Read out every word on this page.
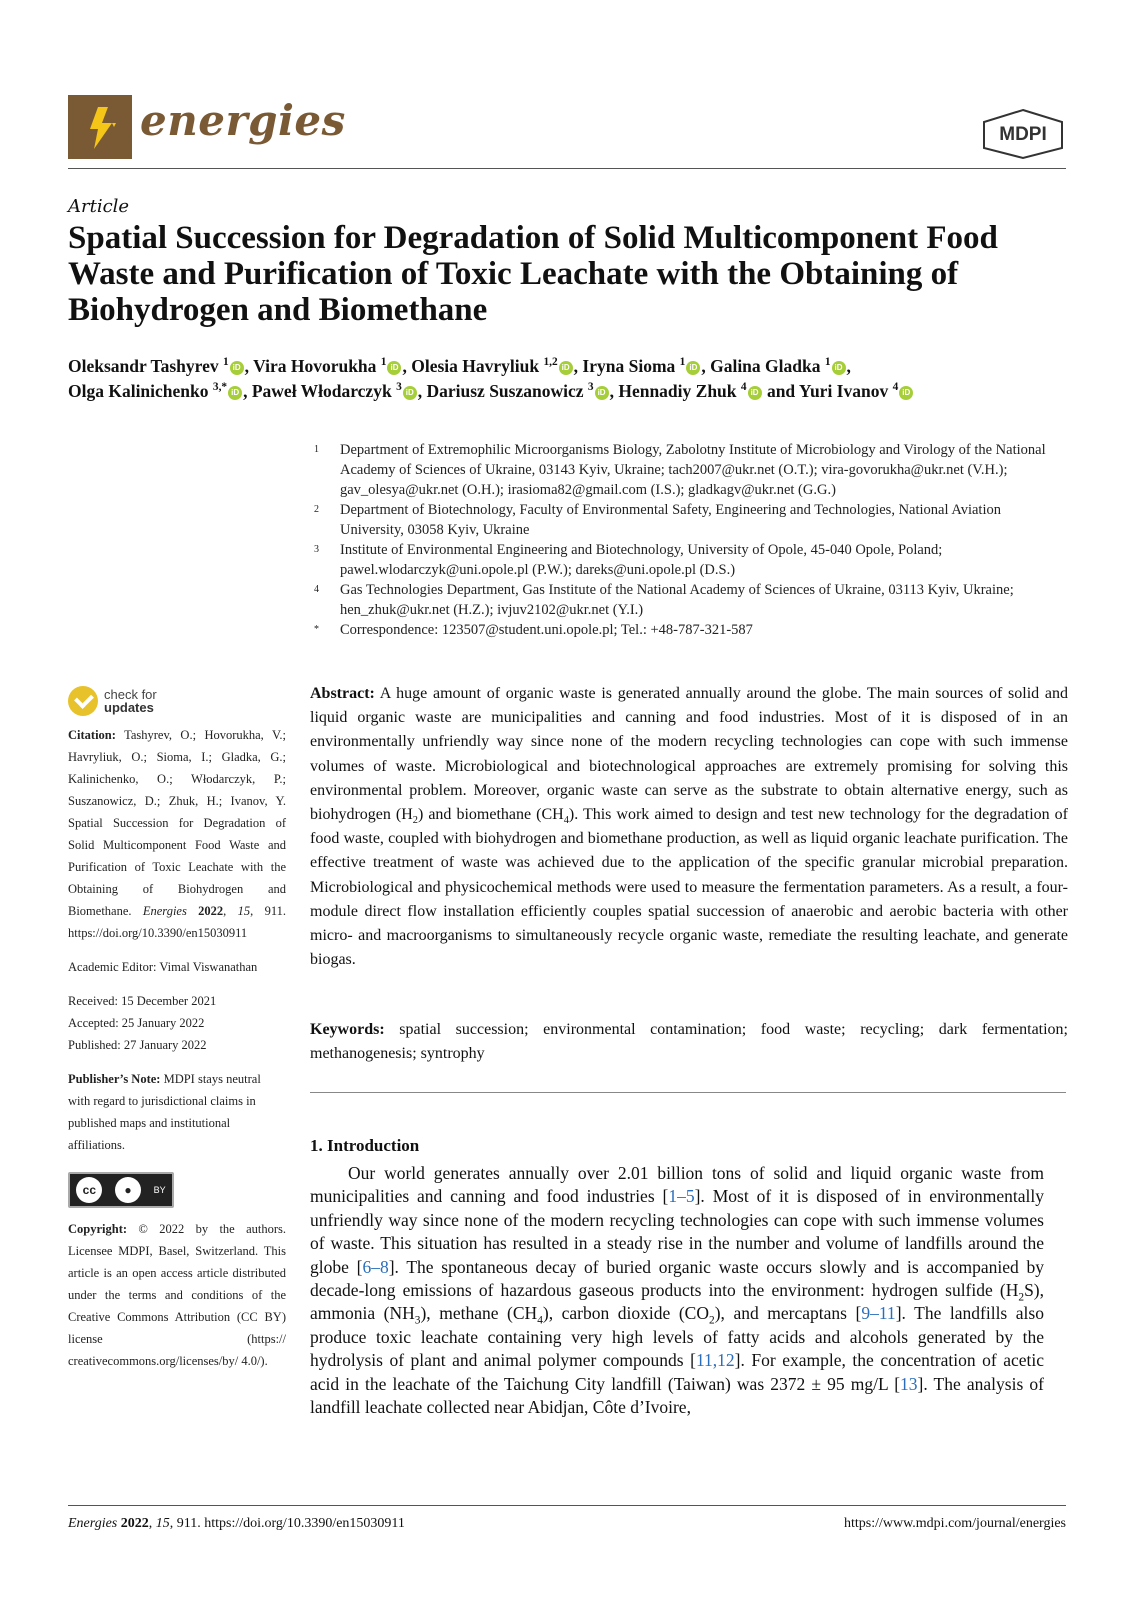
energies	MDPI
Article
Spatial Succession for Degradation of Solid Multicomponent Food Waste and Purification of Toxic Leachate with the Obtaining of Biohydrogen and Biomethane
Oleksandr Tashyrev $^1$ iD , Vira Hovorukha $^1$ iD , Olesia Havryliuk $^{1,2}$ iD , Iryna Sioma $^1$ iD , Galina Gladka $^1$ iD ,
Olga Kalinichenko $^{3,*}$ iD , Paweł Włodarczyk $^3$ iD , Dariusz Suszanowicz $^3$ iD , Hennadiy Zhuk $^4$ iD and Yuri Ivanov $^4$ iD
1	Department of Extremophilic Microorganisms Biology, Zabolotny Institute of Microbiology and Virology of the National Academy of Sciences of Ukraine, 03143 Kyiv, Ukraine; tach2007@ukr.net (O.T.); vira-govorukha@ukr.net (V.H.); gav_olesya@ukr.net (O.H.); irasioma82@gmail.com (I.S.); gladkagv@ukr.net (G.G.)
2	Department of Biotechnology, Faculty of Environmental Safety, Engineering and Technologies, National Aviation University, 03058 Kyiv, Ukraine
3	Institute of Environmental Engineering and Biotechnology, University of Opole, 45-040 Opole, Poland; pawel.wlodarczyk@uni.opole.pl (P.W.); dareks@uni.opole.pl (D.S.)
4	Gas Technologies Department, Gas Institute of the National Academy of Sciences of Ukraine, 03113 Kyiv, Ukraine; hen_zhuk@ukr.net (H.Z.); ivjuv2102@ukr.net (Y.I.)
*	Correspondence: 123507@student.uni.opole.pl; Tel.: +48-787-321-587
check for
updates

Citation: Tashyrev, O.; Hovorukha, V.; Havryliuk, O.; Sioma, I.; Gladka, G.; Kalinichenko, O.; Włodarczyk, P.; Suszanowicz, D.; Zhuk, H.; Ivanov, Y. Spatial Succession for Degradation of Solid Multicomponent Food Waste and Purification of Toxic Leachate with the Obtaining of Biohydrogen and Biomethane. Energies 2022, 15, 911. https://doi.org/10.3390/en15030911

Academic Editor: Vimal Viswanathan

Received: 15 December 2021
Accepted: 25 January 2022
Published: 27 January 2022

Publisher’s Note: MDPI stays neutral with regard to jurisdictional claims in published maps and institutional affiliations.

cc	●	BY

Copyright: © 2022 by the authors. Licensee MDPI, Basel, Switzerland. This article is an open access article distributed under the terms and conditions of the Creative Commons Attribution (CC BY) license (https:// creativecommons.org/licenses/by/ 4.0/).

Abstract: A huge amount of organic waste is generated annually around the globe. The main sources of solid and liquid organic waste are municipalities and canning and food industries. Most of it is disposed of in an environmentally unfriendly way since none of the modern recycling technologies can cope with such immense volumes of waste. Microbiological and biotechnological approaches are extremely promising for solving this environmental problem. Moreover, organic waste can serve as the substrate to obtain alternative energy, such as biohydrogen $(H_2)$ and biomethane $(CH_4)$. This work aimed to design and test new technology for the degradation of food waste, coupled with biohydrogen and biomethane production, as well as liquid organic leachate purification. The effective treatment of waste was achieved due to the application of the specific granular microbial preparation. Microbiological and physicochemical methods were used to measure the fermentation parameters. As a result, a four-module direct flow installation efficiently couples spatial succession of anaerobic and aerobic bacteria with other micro- and macroorganisms to simultaneously recycle organic waste, remediate the resulting leachate, and generate biogas.
Keywords: spatial succession; environmental contamination; food waste; recycling; dark fermentation; methanogenesis; syntrophy
1. Introduction
Our world generates annually over 2.01 billion tons of solid and liquid organic waste from municipalities and canning and food industries [1–5]. Most of it is disposed of in environmentally unfriendly way since none of the modern recycling technologies can cope with such immense volumes of waste. This situation has resulted in a steady rise in the number and volume of landfills around the globe [6–8]. The spontaneous decay of buried organic waste occurs slowly and is accompanied by decade-long emissions of hazardous gaseous products into the environment: hydrogen sulfide $(H_2S)$, ammonia $(NH_3)$, methane $(CH_4)$, carbon dioxide $(CO_2)$, and mercaptans [9–11]. The landfills also produce toxic leachate containing very high levels of fatty acids and alcohols generated by the hydrolysis of plant and animal polymer compounds [11,12]. For example, the concentration of acetic acid in the leachate of the Taichung City landfill (Taiwan) was 2372 ± 95 mg/L [13]. The analysis of landfill leachate collected near Abidjan, Côte d’Ivoire,
Energies 2022, 15, 911. https://doi.org/10.3390/en15030911	https://www.mdpi.com/journal/energies
